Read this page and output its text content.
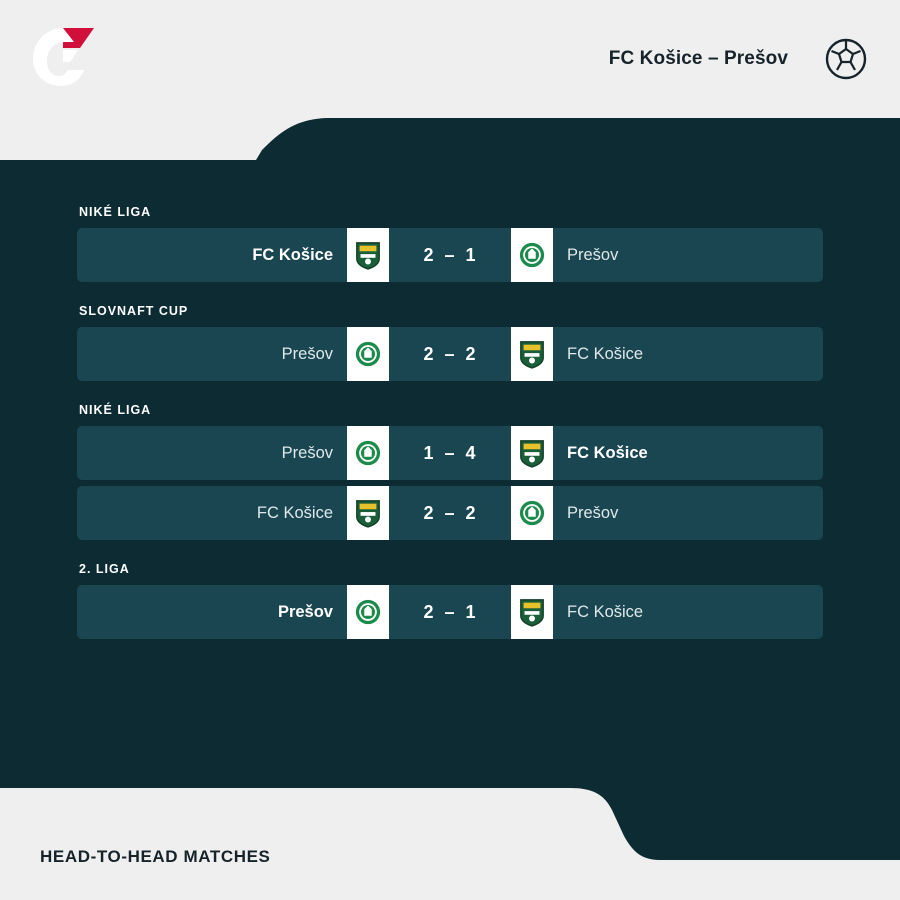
FC Košice – Prešov
NIKÉ LIGA
FC Košice	2 – 1	Prešov
SLOVNAFT CUP
Prešov	2 – 2	FC Košice
NIKÉ LIGA
Prešov	1 – 4	FC Košice
FC Košice	2 – 2	Prešov
2. LIGA
Prešov	2 – 1	FC Košice
HEAD-TO-HEAD MATCHES
